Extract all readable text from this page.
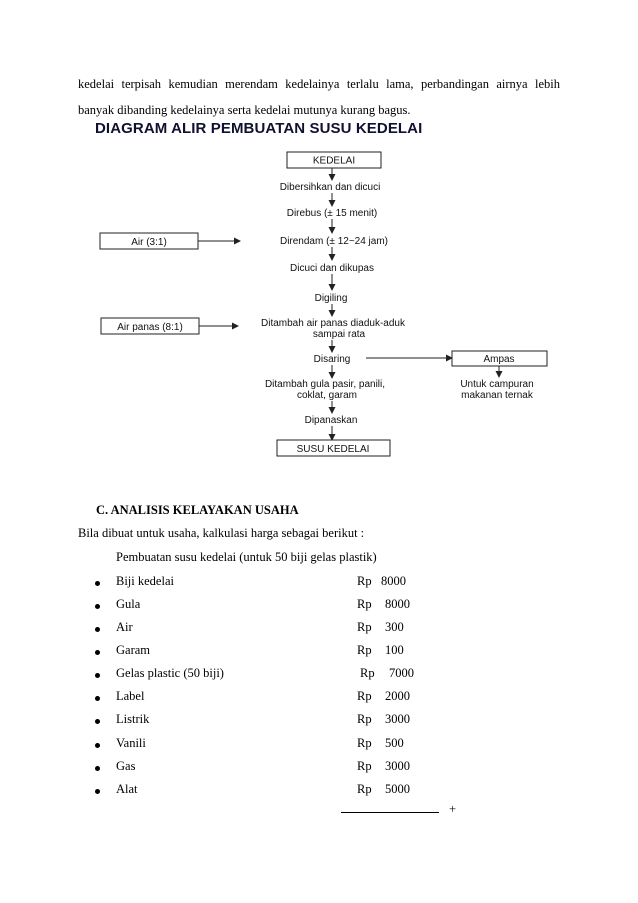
kedelai terpisah kemudian merendam kedelainya terlalu lama, perbandingan airnya lebih
banyak dibanding kedelainya serta kedelai mutunya kurang bagus.
DIAGRAM ALIR PEMBUATAN SUSU KEDELAI
KEDELAI
Dibersihkan dan dicuci
Direbus (± 15 menit)
Direndam (± 12~24 jam)
Dicuci dan dikupas
Digiling
Ditambah air panas diaduk-aduk
sampai rata
Disaring
Ditambah gula pasir, panili,
coklat, garam
Dipanaskan
SUSU KEDELAI
Air (3:1)
Air panas (8:1)
Ampas
Untuk campuran
makanan ternak
C. ANALISIS KELAYAKAN USAHA
Bila dibuat untuk usaha, kalkulasi harga sebagai berikut :
Pembuatan susu kedelai (untuk 50 biji gelas plastik)
Biji kedelai	Rp 8000
Gula	Rp 8000
Air	Rp 300
Garam	Rp 100
Gelas plastic (50 biji)	Rp 7000
Label	Rp 2000
Listrik	Rp 3000
Vanili	Rp 500
Gas	Rp 3000
Alat	Rp 5000
+
